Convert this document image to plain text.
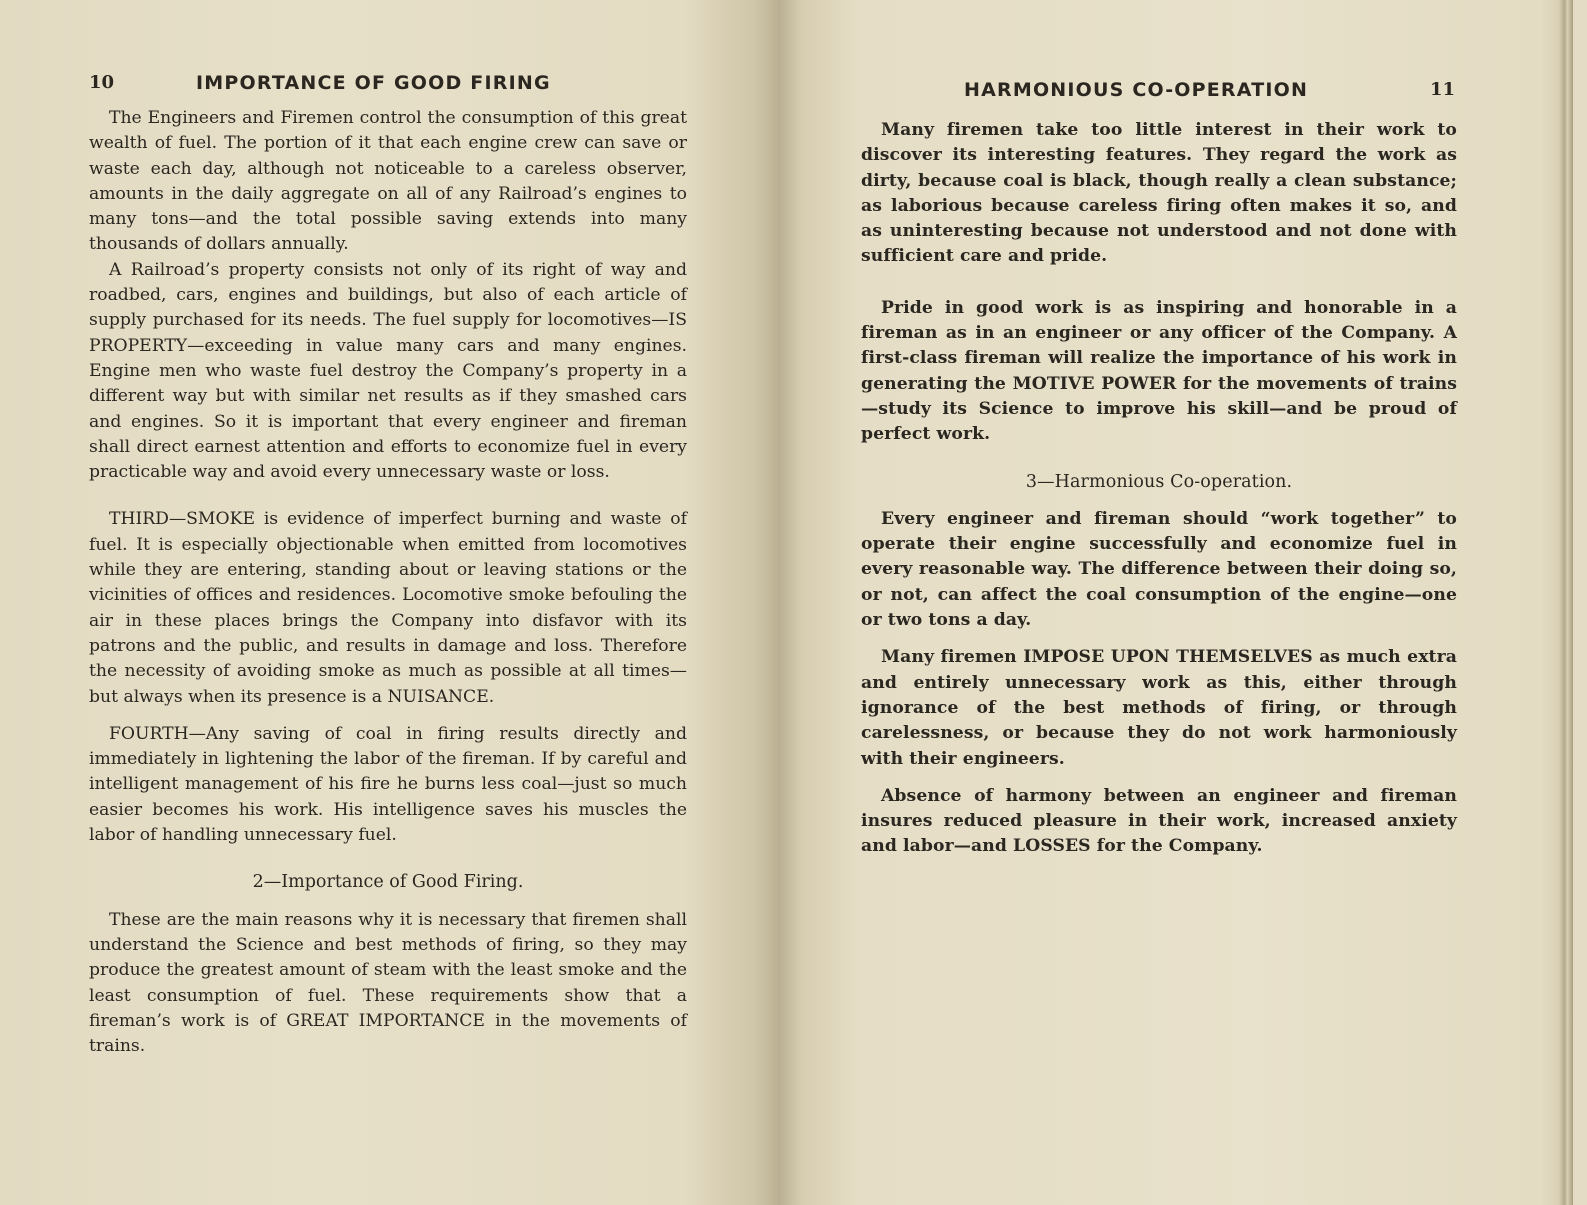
10	IMPORTANCE OF GOOD FIRING

The Engineers and Firemen control the consumption of this great wealth of fuel. The portion of it that each engine crew can save or waste each day, although not noticeable to a careless observer, amounts in the daily aggregate on all of any Railroad’s engines to many tons—and the total possible saving extends into many thousands of dollars annually.

A Railroad’s property consists not only of its right of way and roadbed, cars, engines and buildings, but also of each article of supply purchased for its needs. The fuel supply for locomotives—IS PROPERTY—exceeding in value many cars and many engines. Engine men who waste fuel destroy the Company’s property in a different way but with similar net results as if they smashed cars and engines. So it is important that every engineer and fireman shall direct earnest attention and efforts to economize fuel in every practicable way and avoid every unnecessary waste or loss.

THIRD—SMOKE is evidence of imperfect burning and waste of fuel. It is especially objectionable when emitted from locomotives while they are entering, standing about or leaving stations or the vicinities of offices and residences. Locomotive smoke befouling the air in these places brings the Company into disfavor with its patrons and the public, and results in damage and loss. Therefore the necessity of avoiding smoke as much as possible at all times—but always when its presence is a NUISANCE.

FOURTH—Any saving of coal in firing results directly and immediately in lightening the labor of the fireman. If by careful and intelligent management of his fire he burns less coal—just so much easier becomes his work. His intelligence saves his muscles the labor of handling unnecessary fuel.

2—Importance of Good Firing.

These are the main reasons why it is necessary that firemen shall understand the Science and best methods of firing, so they may produce the greatest amount of steam with the least smoke and the least consumption of fuel. These requirements show that a fireman’s work is of GREAT IMPORTANCE in the movements of trains.

HARMONIOUS CO-OPERATION	11

Many firemen take too little interest in their work to discover its interesting features. They regard the work as dirty, because coal is black, though really a clean substance; as laborious because careless firing often makes it so, and as uninteresting because not understood and not done with sufficient care and pride.

Pride in good work is as inspiring and honorable in a fireman as in an engineer or any officer of the Company. A first-class fireman will realize the importance of his work in generating the MOTIVE POWER for the movements of trains —study its Science to improve his skill—and be proud of perfect work.

3—Harmonious Co-operation.

Every engineer and fireman should “work together” to operate their engine successfully and economize fuel in every reasonable way. The difference between their doing so, or not, can affect the coal consumption of the engine—one or two tons a day.

Many firemen IMPOSE UPON THEMSELVES as much extra and entirely unnecessary work as this, either through ignorance of the best methods of firing, or through carelessness, or because they do not work harmoniously with their engineers.

Absence of harmony between an engineer and fireman insures reduced pleasure in their work, increased anxiety and labor—and LOSSES for the Company.
